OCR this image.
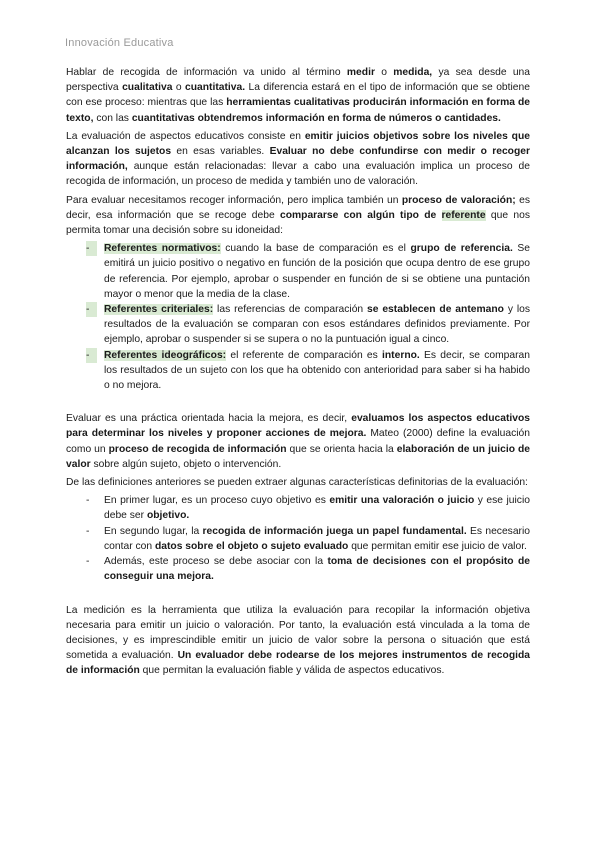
Innovación Educativa

Hablar de recogida de información va unido al término medir o medida, ya sea desde una perspectiva cualitativa o cuantitativa. La diferencia estará en el tipo de información que se obtiene con ese proceso: mientras que las herramientas cualitativas producirán información en forma de texto, con las cuantitativas obtendremos información en forma de números o cantidades.

La evaluación de aspectos educativos consiste en emitir juicios objetivos sobre los niveles que alcanzan los sujetos en esas variables. Evaluar no debe confundirse con medir o recoger información, aunque están relacionadas: llevar a cabo una evaluación implica un proceso de recogida de información, un proceso de medida y también uno de valoración.

Para evaluar necesitamos recoger información, pero implica también un proceso de valoración; es decir, esa información que se recoge debe compararse con algún tipo de referente que nos permita tomar una decisión sobre su idoneidad:

-	Referentes normativos: cuando la base de comparación es el grupo de referencia. Se emitirá un juicio positivo o negativo en función de la posición que ocupa dentro de ese grupo de referencia. Por ejemplo, aprobar o suspender en función de si se obtiene una puntación mayor o menor que la media de la clase.
-	Referentes criteriales: las referencias de comparación se establecen de antemano y los resultados de la evaluación se comparan con esos estándares definidos previamente. Por ejemplo, aprobar o suspender si se supera o no la puntuación igual a cinco.
-	Referentes ideográficos: el referente de comparación es interno. Es decir, se comparan los resultados de un sujeto con los que ha obtenido con anterioridad para saber si ha habido o no mejora.

Evaluar es una práctica orientada hacia la mejora, es decir, evaluamos los aspectos educativos para determinar los niveles y proponer acciones de mejora. Mateo (2000) define la evaluación como un proceso de recogida de información que se orienta hacia la elaboración de un juicio de valor sobre algún sujeto, objeto o intervención.

De las definiciones anteriores se pueden extraer algunas características definitorias de la evaluación:

- En primer lugar, es un proceso cuyo objetivo es emitir una valoración o juicio y ese juicio debe ser objetivo.
- En segundo lugar, la recogida de información juega un papel fundamental. Es necesario contar con datos sobre el objeto o sujeto evaluado que permitan emitir ese juicio de valor.
- Además, este proceso se debe asociar con la toma de decisiones con el propósito de conseguir una mejora.

La medición es la herramienta que utiliza la evaluación para recopilar la información objetiva necesaria para emitir un juicio o valoración. Por tanto, la evaluación está vinculada a la toma de decisiones, y es imprescindible emitir un juicio de valor sobre la persona o situación que está sometida a evaluación. Un evaluador debe rodearse de los mejores instrumentos de recogida de información que permitan la evaluación fiable y válida de aspectos educativos.
